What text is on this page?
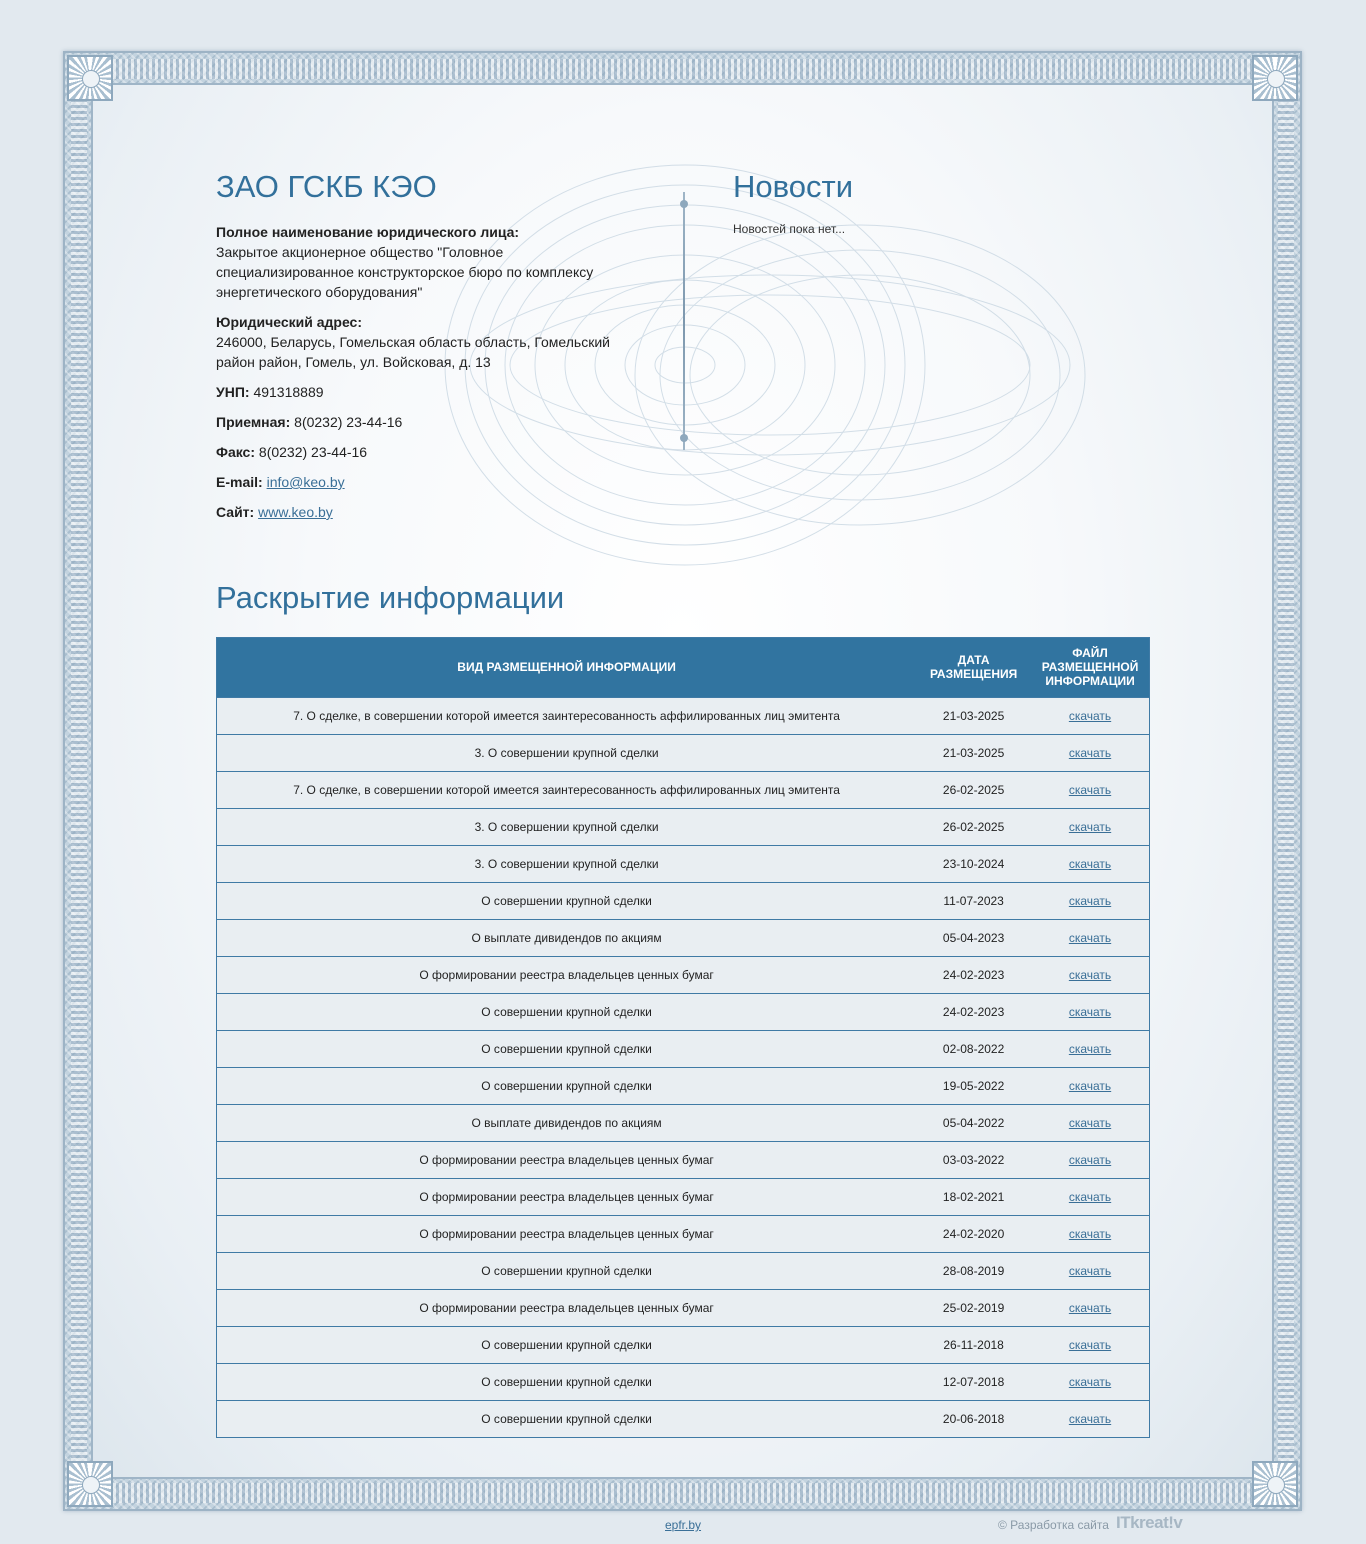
ЗАО ГСКБ КЭО
Полное наименование юридического лица:
Закрытое акционерное общество "Головное специализированное конструкторское бюро по комплексу энергетического оборудования"
Юридический адрес:
246000, Беларусь, Гомельская область область, Гомельский район район, Гомель, ул. Войсковая, д. 13
УНП: 491318889
Приемная: 8(0232) 23-44-16
Факс: 8(0232) 23-44-16
E-mail: info@keo.by
Сайт: www.keo.by
Новости
Новостей пока нет...
Раскрытие информации
ВИД РАЗМЕЩЕННОЙ ИНФОРМАЦИИ	ДАТА РАЗМЕЩЕНИЯ	ФАЙЛ РАЗМЕЩЕННОЙ ИНФОРМАЦИИ
7. О сделке, в совершении которой имеется заинтересованность аффилированных лиц эмитента	21-03-2025	скачать
3. О совершении крупной сделки	21-03-2025	скачать
7. О сделке, в совершении которой имеется заинтересованность аффилированных лиц эмитента	26-02-2025	скачать
3. О совершении крупной сделки	26-02-2025	скачать
3. О совершении крупной сделки	23-10-2024	скачать
О совершении крупной сделки	11-07-2023	скачать
О выплате дивидендов по акциям	05-04-2023	скачать
О формировании реестра владельцев ценных бумаг	24-02-2023	скачать
О совершении крупной сделки	24-02-2023	скачать
О совершении крупной сделки	02-08-2022	скачать
О совершении крупной сделки	19-05-2022	скачать
О выплате дивидендов по акциям	05-04-2022	скачать
О формировании реестра владельцев ценных бумаг	03-03-2022	скачать
О формировании реестра владельцев ценных бумаг	18-02-2021	скачать
О формировании реестра владельцев ценных бумаг	24-02-2020	скачать
О совершении крупной сделки	28-08-2019	скачать
О формировании реестра владельцев ценных бумаг	25-02-2019	скачать
О совершении крупной сделки	26-11-2018	скачать
О совершении крупной сделки	12-07-2018	скачать
О совершении крупной сделки	20-06-2018	скачать
epfr.by	© Разработка сайта ITkreat!v
